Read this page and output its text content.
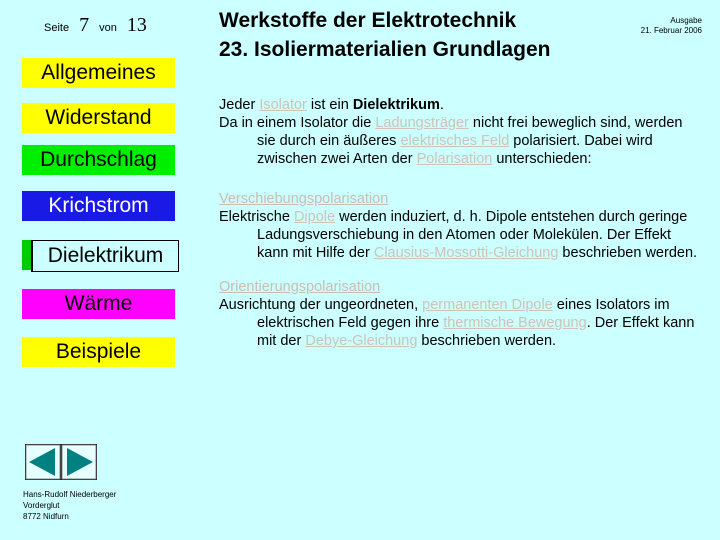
Seite 7 von 13	Werkstoffe der Elektrotechnik
23. Isoliermaterialien Grundlagen
Ausgabe
21. Februar 2006
Allgemeines
Widerstand
Durchschlag
Krichstrom
Dielektrikum
Wärme
Beispiele
Hans-Rudolf Niederberger
Vorderglut
8772 Nidfurn
Jeder Isolator ist ein Dielektrikum.
Da in einem Isolator die Ladungsträger nicht frei beweglich sind, werden sie durch ein äußeres elektrisches Feld polarisiert. Dabei wird zwischen zwei Arten der Polarisation unterschieden:
Verschiebungspolarisation
Elektrische Dipole werden induziert, d. h. Dipole entstehen durch geringe Ladungsverschiebung in den Atomen oder Molekülen. Der Effekt kann mit Hilfe der Clausius-Mossotti-Gleichung beschrieben werden.
Orientierungspolarisation
Ausrichtung der ungeordneten, permanenten Dipole eines Isolators im elektrischen Feld gegen ihre thermische Bewegung. Der Effekt kann mit der Debye-Gleichung beschrieben werden.
